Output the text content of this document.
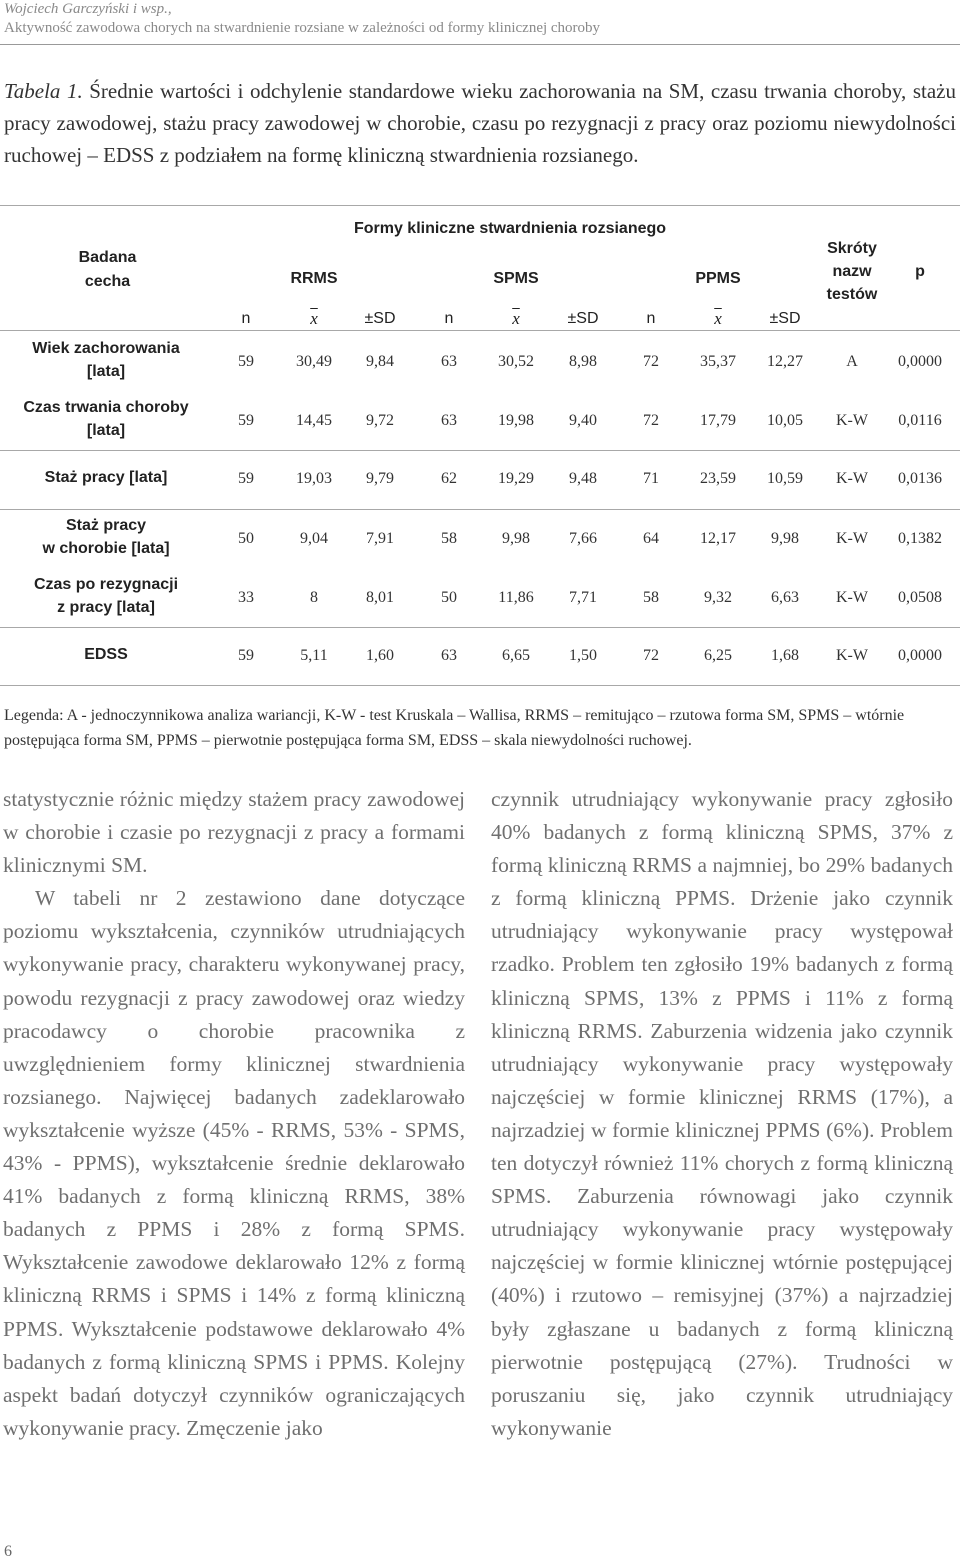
Wojciech Garczyński i wsp.,
Aktywność zawodowa chorych na stwardnienie rozsiane w zależności od formy klinicznej choroby
Tabela 1. Średnie wartości i odchylenie standardowe wieku zachorowania na SM, czasu trwania choroby, stażu pracy zawodowej, stażu pracy zawodowej w chorobie, czasu po rezygnacji z pracy oraz poziomu niewydolności ruchowej – EDSS z podziałem na formę kliniczną stwardnienia rozsianego.
Badana
cecha
Formy kliniczne stwardnienia rozsianego
RRMS	SPMS	PPMS
Skróty
nazw
testów
p
n	$\overline{x}$	±SD	n	$\overline{x}$	±SD	n	$\overline{x}$	±SD
Wiek zachorowania
[lata]
59	30,49	9,84	63	30,52	8,98	72	35,37	12,27	A	0,0000
Czas trwania choroby
[lata]
59	14,45	9,72	63	19,98	9,40	72	17,79	10,05	K-W	0,0116
Staż pracy [lata]	59	19,03	9,79	62	19,29	9,48	71	23,59	10,59	K-W	0,0136
Staż pracy
w chorobie [lata]
50	9,04	7,91	58	9,98	7,66	64	12,17	9,98	K-W	0,1382
Czas po rezygnacji
z pracy [lata]
33	8	8,01	50	11,86	7,71	58	9,32	6,63	K-W	0,0508
EDSS	59	5,11	1,60	63	6,65	1,50	72	6,25	1,68	K-W	0,0000
Legenda: A - jednoczynnikowa analiza wariancji, K-W - test Kruskala – Wallisa, RRMS – remitująco – rzutowa forma SM, SPMS – wtórnie postępująca forma SM, PPMS – pierwotnie postępująca forma SM, EDSS – skala niewydolności ruchowej.

statystycznie różnic między stażem pracy zawodowej w chorobie i czasie po rezygnacji z pracy a formami klinicznymi SM.

W tabeli nr 2 zestawiono dane dotyczące poziomu wykształcenia, czynników utrudniających wykonywanie pracy, charakteru wykonywanej pracy, powodu rezygnacji z pracy zawodowej oraz wiedzy pracodawcy o chorobie pracownika z uwzględnieniem formy klinicznej stwardnienia rozsianego. Najwięcej badanych zadeklarowało wykształcenie wyższe (45% - RRMS, 53% - SPMS, 43% - PPMS), wykształcenie średnie deklarowało 41% badanych z formą kliniczną RRMS, 38% badanych z PPMS i 28% z formą SPMS. Wykształcenie zawodowe deklarowało 12% z formą kliniczną RRMS i SPMS i 14% z formą kliniczną PPMS. Wykształcenie podstawowe deklarowało 4% badanych z formą kliniczną SPMS i PPMS. Kolejny aspekt badań dotyczył czynników ograniczających wykonywanie pracy. Zmęczenie jako

czynnik utrudniający wykonywanie pracy zgłosiło 40% badanych z formą kliniczną SPMS, 37% z formą kliniczną RRMS a najmniej, bo 29% badanych z formą kliniczną PPMS. Drżenie jako czynnik utrudniający wykonywanie pracy występował rzadko. Problem ten zgłosiło 19% badanych z formą kliniczną SPMS, 13% z PPMS i 11% z formą kliniczną RRMS. Zaburzenia widzenia jako czynnik utrudniający wykonywanie pracy występowały najczęściej w formie klinicznej RRMS (17%), a najrzadziej w formie klinicznej PPMS (6%). Problem ten dotyczył również 11% chorych z formą kliniczną SPMS. Zaburzenia równowagi jako czynnik utrudniający wykonywanie pracy występowały najczęściej w formie klinicznej wtórnie postępującej (40%) i rzutowo – remisyjnej (37%) a najrzadziej były zgłaszane u badanych z formą kliniczną pierwotnie postępującą (27%). Trudności w poruszaniu się, jako czynnik utrudniający wykonywanie

6
